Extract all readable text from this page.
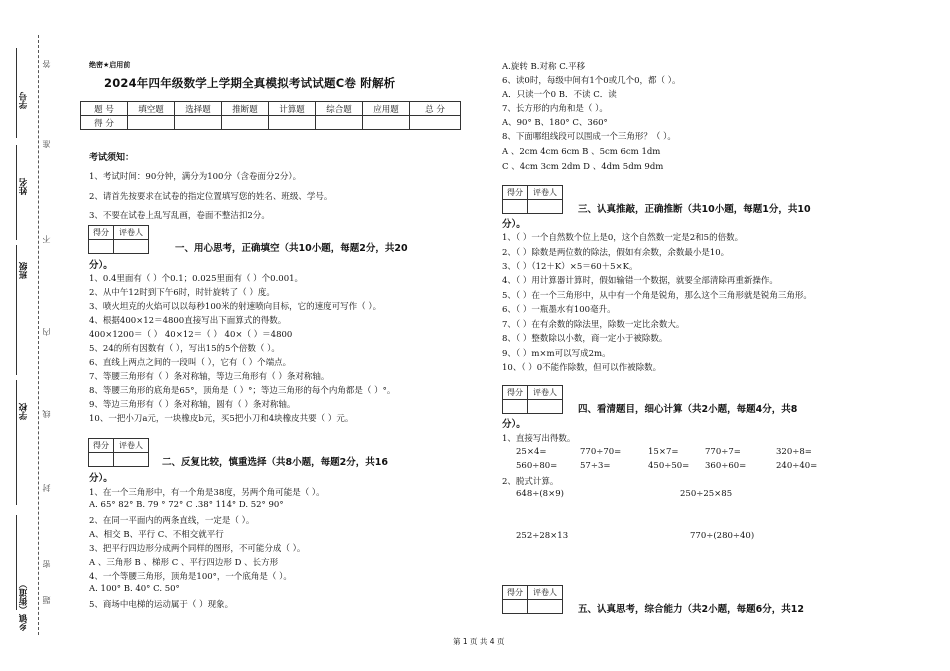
学号
姓名
班级
学校
乡镇（街道）
答
准
不
内
线
封
密
题
绝密★启用前
2024年四年级数学上学期全真模拟考试试题C卷 附解析
题 号	填空题	选择题	推断题	计算题	综合题	应用题	总 分
得 分							
考试须知：
1、考试时间：90分钟，满分为100分（含卷面分2分）。
2、请首先按要求在试卷的指定位置填写您的姓名、班级、学号。
3、不要在试卷上乱写乱画，卷面不整洁扣2分。
得分	评卷人

一、用心思考，正确填空（共10小题，每题2分，共20
分）。
1、0.4里面有（ ）个0.1；0.025里面有（ ）个0.001。
2、从中午12时到下午6时，时针旋转了（ ）度。
3、喷火坦克的火焰可以以每秒100米的射速喷向目标，它的速度可写作（ ）。
4、根据400×12＝4800直接写出下面算式的得数。
400×1200＝（ ） 40×12＝（ ） 40×（ ）＝4800
5、24的所有因数有（ ），写出15的5个倍数（ ）。
6、直线上两点之间的一段叫（ ），它有（ ）个端点。
7、等腰三角形有（ ）条对称轴，等边三角形有（ ）条对称轴。
8、等腰三角形的底角是65°，顶角是（ ）°；等边三角形的每个内角都是（ ）°。
9、等边三角形有（ ）条对称轴，圆有（ ）条对称轴。
10、一把小刀a元，一块橡皮b元，买5把小刀和4块橡皮共要（ ）元。
得分	评卷人

二、反复比较，慎重选择（共8小题，每题2分，共16
分）。
1、在一个三角形中，有一个角是38度，另两个角可能是（ ）。
A. 65° 82° B. 79 ° 72° C .38° 114° D. 52° 90°
2、在同一平面内的两条直线，一定是（ ）。
A、相交 B、平行 C、不相交就平行
3、把平行四边形分成两个同样的图形，不可能分成（ ）。
A 、三角形 B 、梯形 C 、平行四边形 D 、长方形
4、一个等腰三角形，顶角是100°，一个底角是（ ）。
A. 100° B. 40° C. 50°
5、商场中电梯的运动属于（ ）现象。
A.旋转 B.对称 C.平移
6、读0时，每级中间有1个0或几个0，都（ ）。
A．只读一个0 B．不读 C．读
7、长方形的内角和是（ ）。
A、90° B、180° C、360°
8、下面哪组线段可以围成一个三角形？（ ）。
A 、2cm 4cm 6cm B 、5cm 6cm 1dm
C 、4cm 3cm 2dm D 、4dm 5dm 9dm
得分	评卷人

三、认真推敲，正确推断（共10小题，每题1分，共10
分）。
1、（ ）一个自然数个位上是0，这个自然数一定是2和5的倍数。
2、（ ）除数是两位数的除法，假如有余数，余数最小是10。
3、（ ）（12＋K）×5＝60＋5×K。
4、（ ）用计算器计算时，假如输错一个数据，就要全部清除再重新操作。
5、（ ）在一个三角形中，从中有一个角是锐角，那么这个三角形就是锐角三角形。
6、（ ）一瓶墨水有100毫升。
7、（ ）在有余数的除法里，除数一定比余数大。
8、（ ）整数除以小数，商一定小于被除数。
9、（ ）m×m可以写成2m。
10、（ ）0不能作除数，但可以作被除数。
得分	评卷人

四、看清题目，细心计算（共2小题，每题4分，共8
分）。
1、直接写出得数。
25×4=	770÷70=	15×7=	770÷7=	320÷8=
560÷80=	57÷3=	450÷50= 360÷60=	240÷40=
2、脱式计算。
648÷(8×9)	250÷25×85
252÷28×13	770÷(280÷40)
得分	评卷人

五、认真思考，综合能力（共2小题，每题6分，共12
第 1 页 共 4 页
